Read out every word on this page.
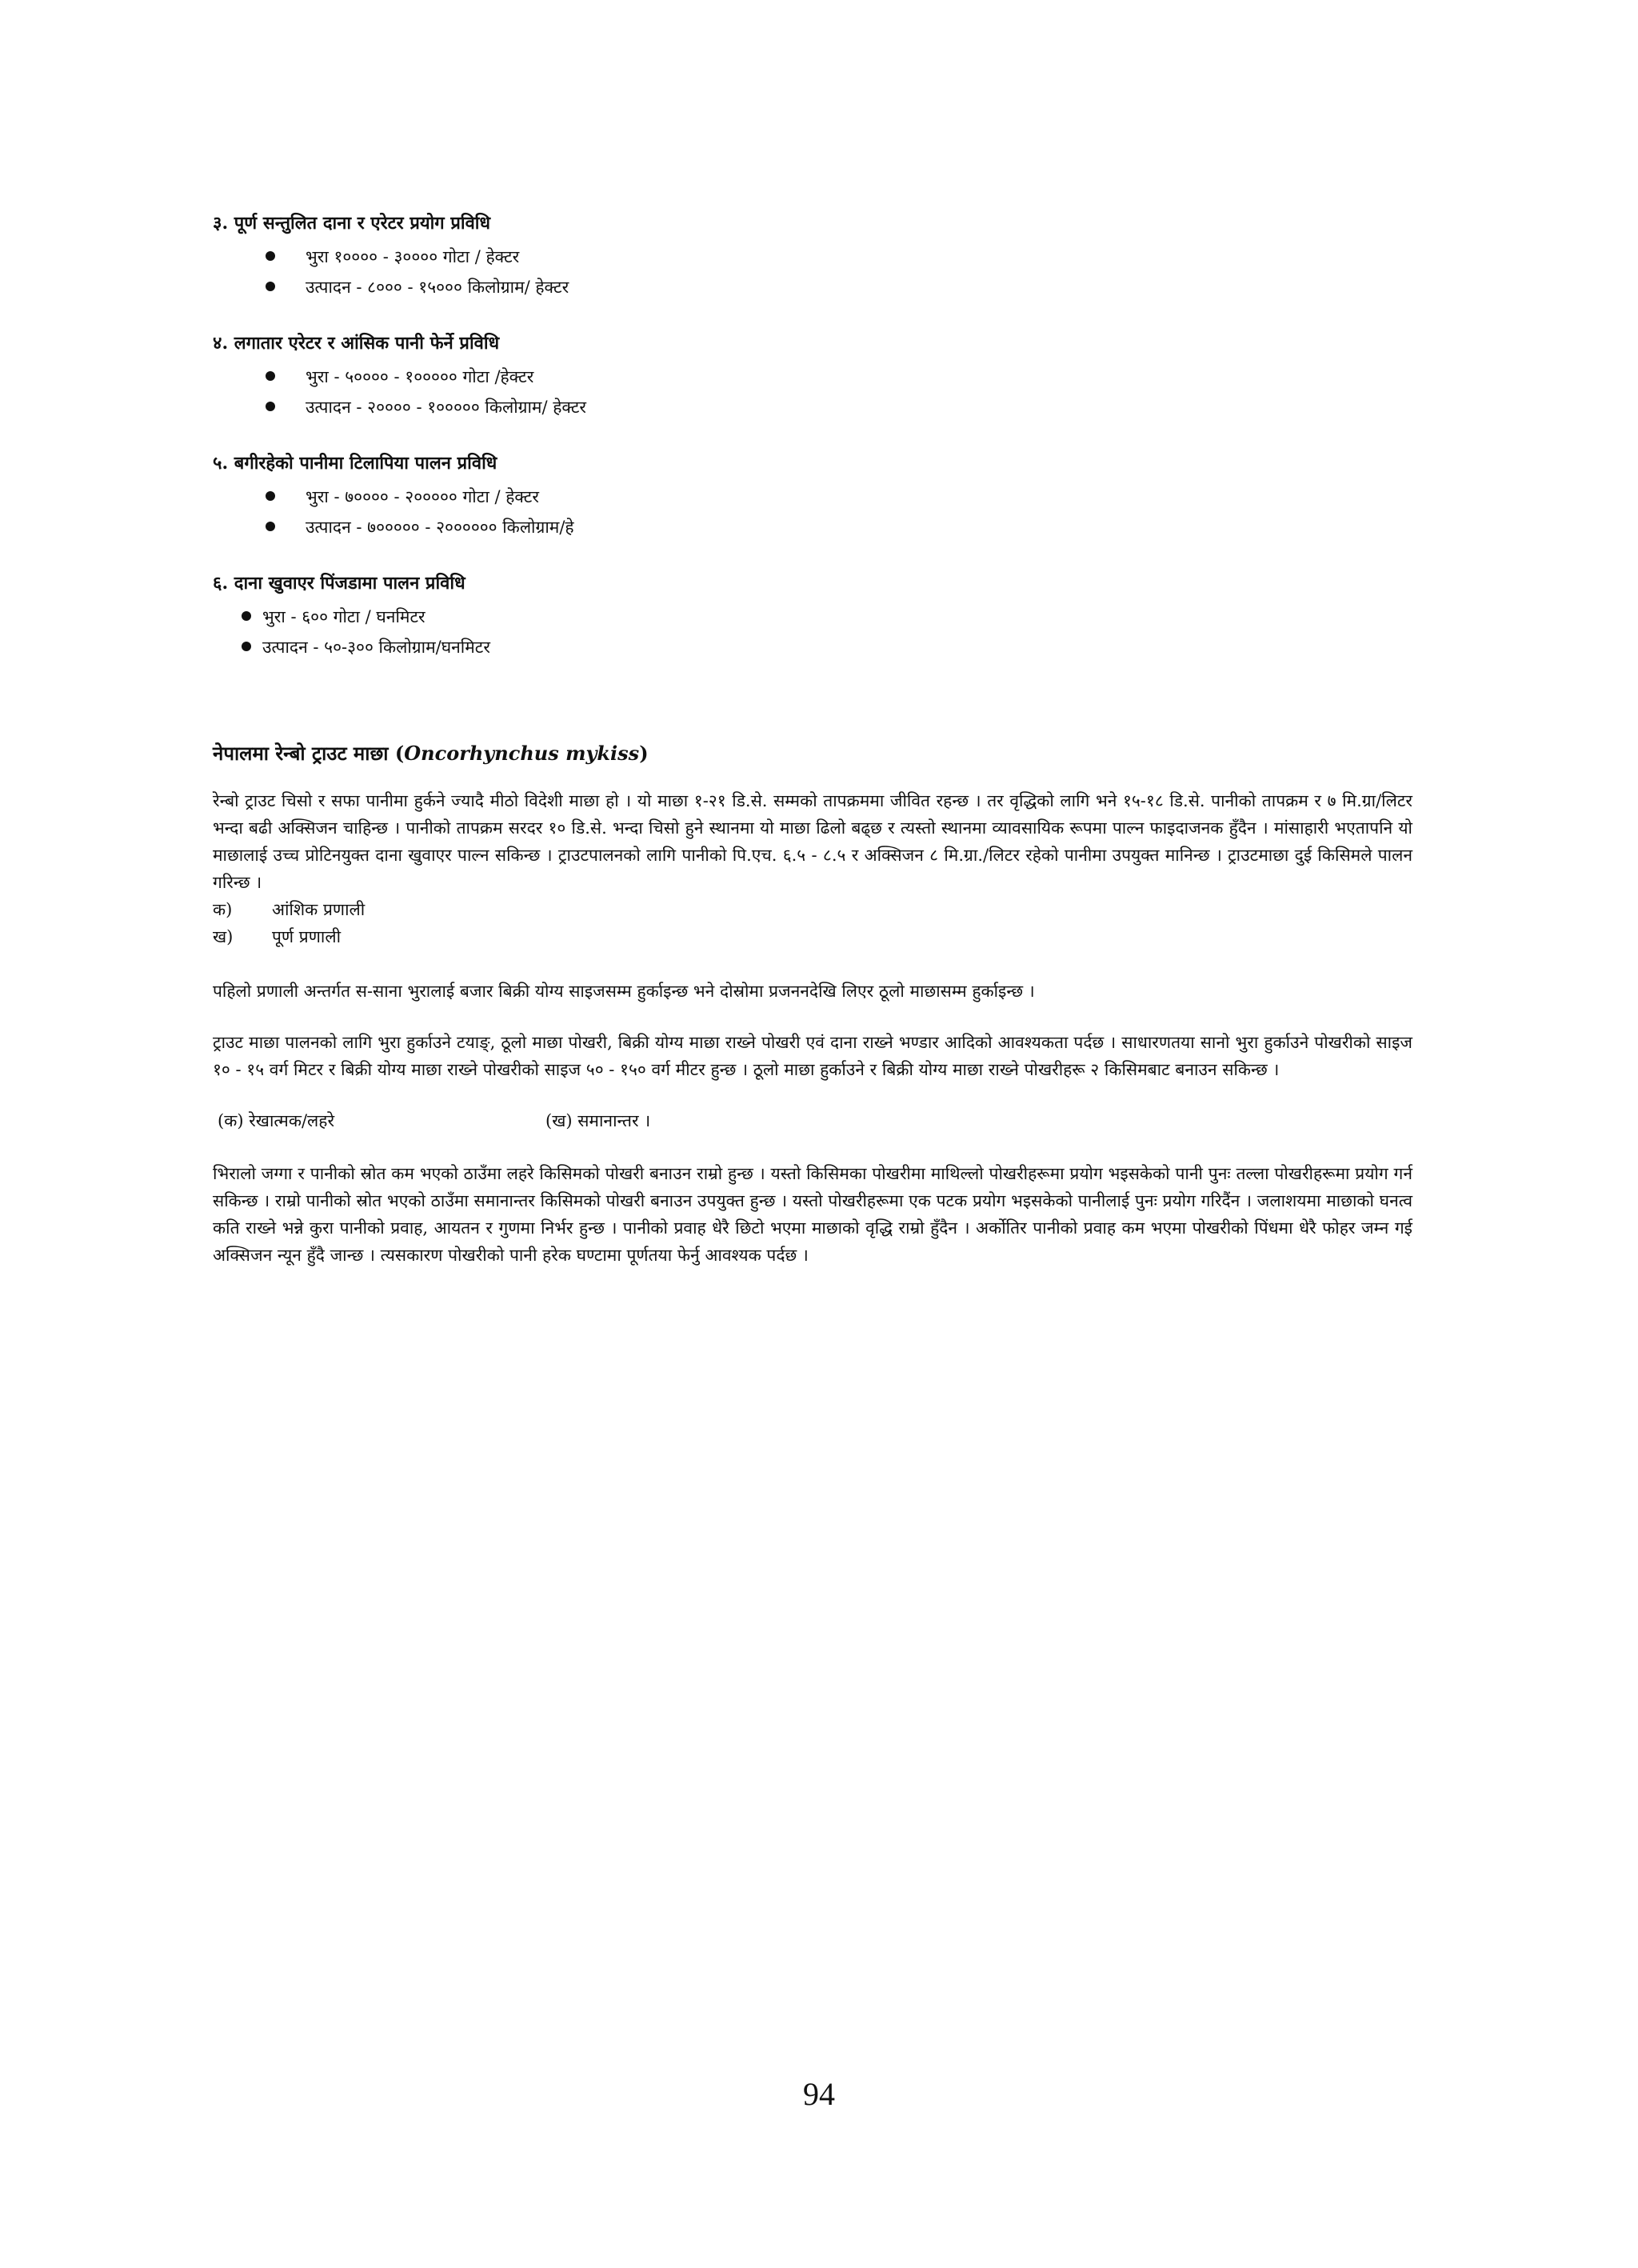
३. पूर्ण सन्तुलित दाना र एरेटर प्रयोग प्रविधि
भुरा १०००० - ३०००० गोटा / हेक्टर
उत्पादन - ८००० - १५००० किलोग्राम/ हेक्टर
४. लगातार एरेटर र आंसिक पानी फेर्ने प्रविधि
भुरा - ५०००० - १००००० गोटा /हेक्टर
उत्पादन - २०००० - १००००० किलोग्राम/ हेक्टर
५. बगीरहेको पानीमा टिलापिया पालन प्रविधि
भुरा - ७०००० - २००००० गोटा / हेक्टर
उत्पादन - ७००००० - २०००००० किलोग्राम/हे
६. दाना खुवाएर पिंजडामा पालन प्रविधि
भुरा - ६०० गोटा / घनमिटर
उत्पादन - ५०-३०० किलोग्राम/घनमिटर
नेपालमा रेन्बो ट्राउट माछा (Oncorhynchus mykiss)

रेन्बो ट्राउट चिसो र सफा पानीमा हुर्कने ज्यादै मीठो विदेशी माछा हो । यो माछा १-२१ डि.से. सम्मको तापक्रममा जीवित रहन्छ । तर वृद्धिको लागि भने १५-१८ डि.से. पानीको तापक्रम र ७ मि.ग्रा/लिटर भन्दा बढी अक्सिजन चाहिन्छ । पानीको तापक्रम सरदर १० डि.से. भन्दा चिसो हुने स्थानमा यो माछा ढिलो बढ्छ र त्यस्तो स्थानमा व्यावसायिक रूपमा पाल्न फाइदाजनक हुँदैन । मांसाहारी भएतापनि यो माछालाई उच्च प्रोटिनयुक्त दाना खुवाएर पाल्न सकिन्छ । ट्राउटपालनको लागि पानीको पि.एच. ६.५ - ८.५ र अक्सिजन ८ मि.ग्रा./लिटर रहेको पानीमा उपयुक्त मानिन्छ । ट्राउटमाछा दुई किसिमले पालन गरिन्छ ।

क)	आंशिक प्रणाली
ख)	पूर्ण प्रणाली

पहिलो प्रणाली अन्तर्गत स-साना भुरालाई बजार बिक्री योग्य साइजसम्म हुर्काइन्छ भने दोस्रोमा प्रजननदेखि लिएर ठूलो माछासम्म हुर्काइन्छ ।

ट्राउट माछा पालनको लागि भुरा हुर्काउने टयाङ्, ठूलो माछा पोखरी, बिक्री योग्य माछा राख्ने पोखरी एवं दाना राख्ने भण्डार आदिको आवश्यकता पर्दछ । साधारणतया सानो भुरा हुर्काउने पोखरीको साइज १० - १५ वर्ग मिटर र बिक्री योग्य माछा राख्ने पोखरीको साइज ५० - १५० वर्ग मीटर हुन्छ । ठूलो माछा हुर्काउने र बिक्री योग्य माछा राख्ने पोखरीहरू २ किसिमबाट बनाउन सकिन्छ ।

(क) रेखात्मक/लहरे	(ख) समानान्तर ।

भिरालो जग्गा र पानीको स्रोत कम भएको ठाउँमा लहरे किसिमको पोखरी बनाउन राम्रो हुन्छ । यस्तो किसिमका पोखरीमा माथिल्लो पोखरीहरूमा प्रयोग भइसकेको पानी पुनः तल्ला पोखरीहरूमा प्रयोग गर्न सकिन्छ । राम्रो पानीको स्रोत भएको ठाउँमा समानान्तर किसिमको पोखरी बनाउन उपयुक्त हुन्छ । यस्तो पोखरीहरूमा एक पटक प्रयोग भइसकेको पानीलाई पुनः प्रयोग गरिदैंन । जलाशयमा माछाको घनत्व कति राख्ने भन्ने कुरा पानीको प्रवाह, आयतन र गुणमा निर्भर हुन्छ । पानीको प्रवाह धेरै छिटो भएमा माछाको वृद्धि राम्रो हुँदैन । अर्कोतिर पानीको प्रवाह कम भएमा पोखरीको पिंधमा धेरै फोहर जम्न गई अक्सिजन न्यून हुँदै जान्छ । त्यसकारण पोखरीको पानी हरेक घण्टामा पूर्णतया फेर्नु आवश्यक पर्दछ ।

94
